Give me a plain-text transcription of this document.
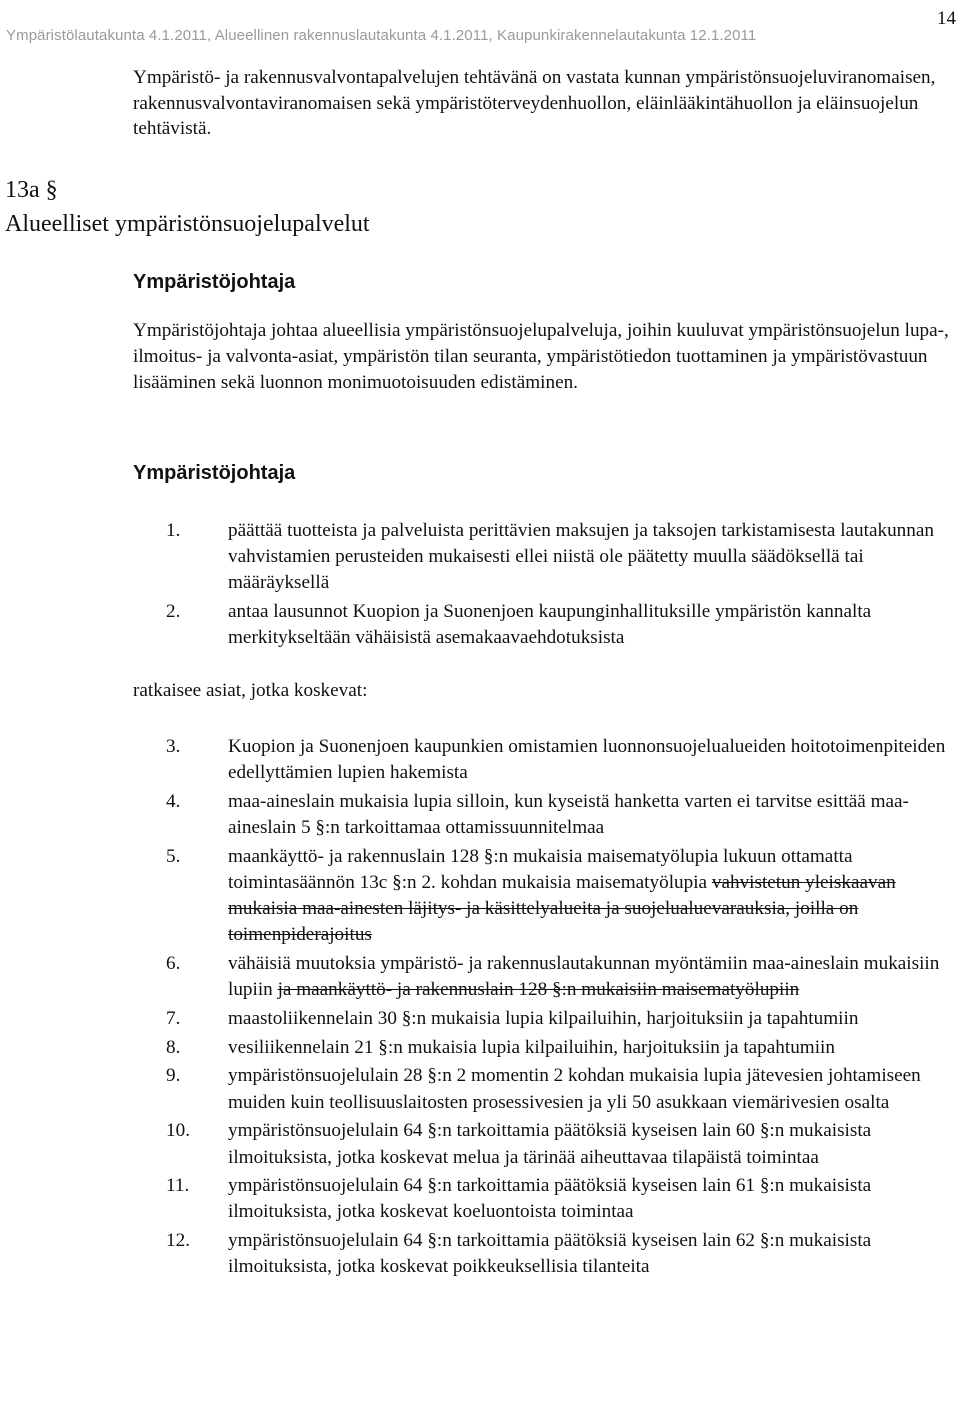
Ympäristölautakunta 4.1.2011, Alueellinen rakennuslautakunta 4.1.2011, Kaupunkirakennelautakunta 12.1.2011
14
Ympäristö- ja rakennusvalvontapalvelujen tehtävänä on vastata kunnan ympäristönsuojeluviranomaisen, rakennusvalvontaviranomaisen sekä ympäristöterveydenhuollon, eläinlääkintähuollon ja eläinsuojelun tehtävistä.
13a §
Alueelliset ympäristönsuojelupalvelut
Ympäristöjohtaja
Ympäristöjohtaja johtaa alueellisia ympäristönsuojelupalveluja, joihin kuuluvat ympäristönsuojelun lupa-, ilmoitus- ja valvonta-asiat, ympäristön tilan seuranta, ympäristötiedon tuottaminen ja ympäristövastuun lisääminen sekä luonnon monimuotoisuuden edistäminen.
Ympäristöjohtaja
1. päättää tuotteista ja palveluista perittävien maksujen ja taksojen tarkistamisesta lautakunnan vahvistamien perusteiden mukaisesti ellei niistä ole päätetty muulla säädöksellä tai määräyksellä
2. antaa lausunnot Kuopion ja Suonenjoen kaupunginhallituksille ympäristön kannalta merkitykseltään vähäisistä asemakaavaehdotuksista
ratkaisee asiat, jotka koskevat:
3. Kuopion ja Suonenjoen kaupunkien omistamien luonnonsuojelualueiden hoitotoimenpiteiden edellyttämien lupien hakemista
4. maa-aineslain mukaisia lupia silloin, kun kyseistä hanketta varten ei tarvitse esittää maa-aineslain 5 §:n tarkoittamaa ottamissuunnitelmaa
5. maankäyttö- ja rakennuslain 128 §:n mukaisia maisematyölupia lukuun ottamatta toimintasäännön 13c §:n 2. kohdan mukaisia maisematyölupia vahvistetun yleiskaavan mukaisia maa-ainesten läjitys- ja käsittelyalueita ja suojelualuevarauksia, joilla on toimenpiderajoitus
6. vähäisiä muutoksia ympäristö- ja rakennuslautakunnan myöntämiin maa-aineslain mukaisiin lupiin ja maankäyttö- ja rakennuslain 128 §:n mukaisiin maisematyölupiin
7. maastoliikennelain 30 §:n mukaisia lupia kilpailuihin, harjoituksiin ja tapahtumiin
8. vesiliikennelain 21 §:n mukaisia lupia kilpailuihin, harjoituksiin ja tapahtumiin
9. ympäristönsuojelulain 28 §:n 2 momentin 2 kohdan mukaisia lupia jätevesien johtamiseen muiden kuin teollisuuslaitosten prosessivesien ja yli 50 asukkaan viemärivesien osalta
10. ympäristönsuojelulain 64 §:n tarkoittamia päätöksiä kyseisen lain 60 §:n mukaisista ilmoituksista, jotka koskevat melua ja tärinää aiheuttavaa tilapäistä toimintaa
11. ympäristönsuojelulain 64 §:n tarkoittamia päätöksiä kyseisen lain 61 §:n mukaisista ilmoituksista, jotka koskevat koeluontoista toimintaa
12. ympäristönsuojelulain 64 §:n tarkoittamia päätöksiä kyseisen lain 62 §:n mukaisista ilmoituksista, jotka koskevat poikkeuksellisia tilanteita
